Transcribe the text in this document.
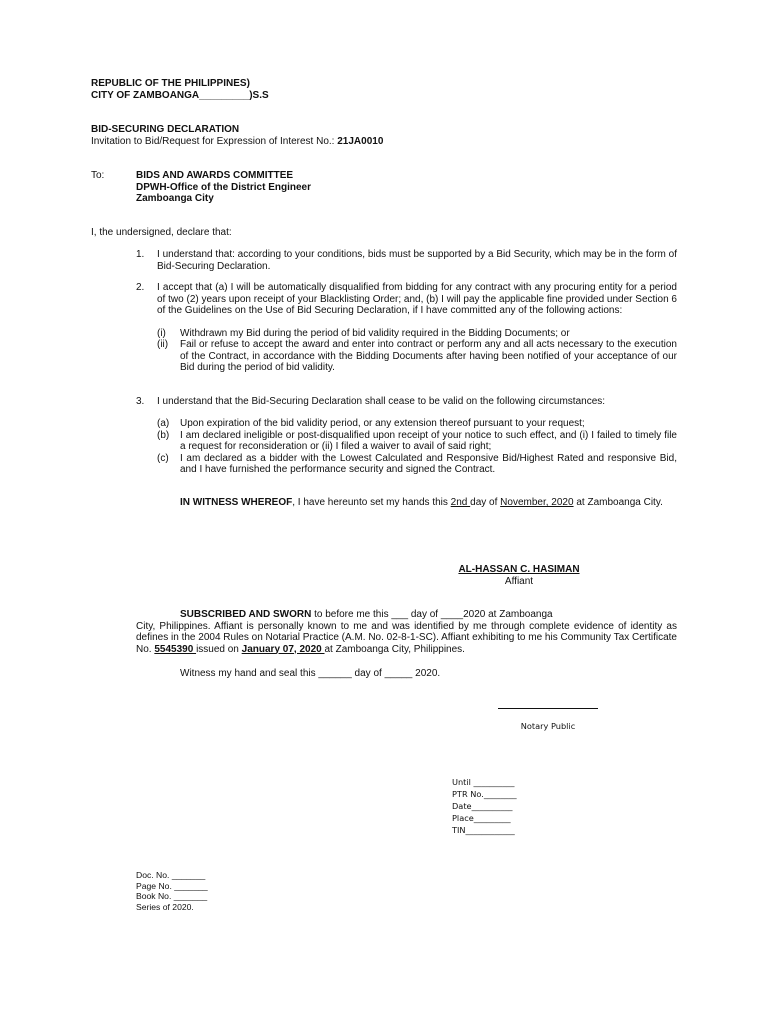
REPUBLIC OF THE PHILIPPINES)
CITY OF ZAMBOANGA_________)S.S
BID-SECURING DECLARATION
Invitation to Bid/Request for Expression of Interest No.: 21JA0010
To:	BIDS AND AWARDS COMMITTEE
DPWH-Office of the District Engineer
Zamboanga City
I, the undersigned, declare that:
1.	I understand that: according to your conditions, bids must be supported by a Bid Security, which may be in the form of Bid-Securing Declaration.
2.	I accept that (a) I will be automatically disqualified from bidding for any contract with any procuring entity for a period of two (2) years upon receipt of your Blacklisting Order; and, (b) I will pay the applicable fine provided under Section 6 of the Guidelines on the Use of Bid Securing Declaration, if I have committed any of the following actions:
(i)	Withdrawn my Bid during the period of bid validity required in the Bidding Documents; or
(ii)	Fail or refuse to accept the award and enter into contract or perform any and all acts necessary to the execution of the Contract, in accordance with the Bidding Documents after having been notified of your acceptance of our Bid during the period of bid validity.
3.	I understand that the Bid-Securing Declaration shall cease to be valid on the following circumstances:
(a)	Upon expiration of the bid validity period, or any extension thereof pursuant to your request;
(b)	I am declared ineligible or post-disqualified upon receipt of your notice to such effect, and (i) I failed to timely file a request for reconsideration or (ii) I filed a waiver to avail of said right;
(c)	I am declared as a bidder with the Lowest Calculated and Responsive Bid/Highest Rated and responsive Bid, and I have furnished the performance security and signed the Contract.
IN WITNESS WHEREOF, I have hereunto set my hands this 2nd day of November, 2020 at Zamboanga City.
AL-HASSAN C. HASIMAN
Affiant
SUBSCRIBED AND SWORN to before me this ___ day of ____2020 at Zamboanga
City, Philippines. Affiant is personally known to me and was identified by me through complete evidence of identity as defines in the 2004 Rules on Notarial Practice (A.M. No. 02-8-1-SC). Affiant exhibiting to me his Community Tax Certificate No. 5545390 issued on January 07, 2020 at Zamboanga City, Philippines.
Witness my hand and seal this ______ day of _____ 2020.
Notary Public
Until __________
PTR No.________
Date__________
Place_________
TIN____________
Doc. No. _______
Page No. _______
Book No. _______
Series of 2020.
